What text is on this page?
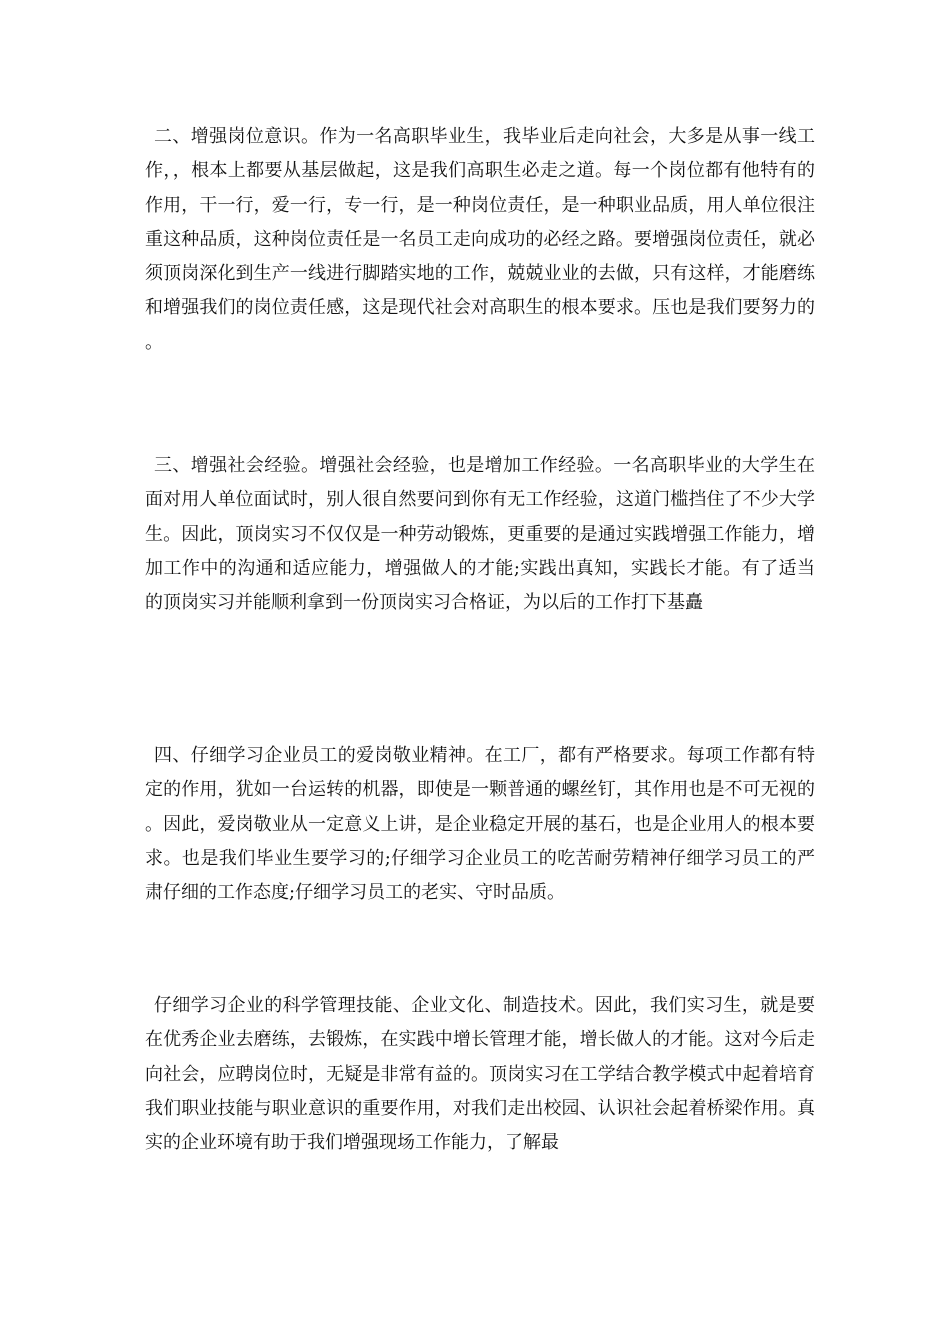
二、增强岗位意识。作为一名高职毕业生，我毕业后走向社会，大多是从事一线工作，，根本上都要从基层做起，这是我们高职生必走之道。每一个岗位都有他特有的作用，干一行，爱一行，专一行，是一种岗位责任，是一种职业品质，用人单位很注重这种品质，这种岗位责任是一名员工走向成功的必经之路。要增强岗位责任，就必须顶岗深化到生产一线进行脚踏实地的工作，兢兢业业的去做，只有这样，才能磨练和增强我们的岗位责任感，这是现代社会对高职生的根本要求。压也是我们要努力的。

三、增强社会经验。增强社会经验，也是增加工作经验。一名高职毕业的大学生在面对用人单位面试时，别人很自然要问到你有无工作经验，这道门槛挡住了不少大学生。因此，顶岗实习不仅仅是一种劳动锻炼，更重要的是通过实践增强工作能力，增加工作中的沟通和适应能力，增强做人的才能;实践出真知，实践长才能。有了适当的顶岗实习并能顺利拿到一份顶岗实习合格证，为以后的工作打下基矗

四、仔细学习企业员工的爱岗敬业精神。在工厂，都有严格要求。每项工作都有特定的作用，犹如一台运转的机器，即使是一颗普通的螺丝钉，其作用也是不可无视的。因此，爱岗敬业从一定意义上讲，是企业稳定开展的基石，也是企业用人的根本要求。也是我们毕业生要学习的;仔细学习企业员工的吃苦耐劳精神仔细学习员工的严肃仔细的工作态度;仔细学习员工的老实、守时品质。

仔细学习企业的科学管理技能、企业文化、制造技术。因此，我们实习生，就是要在优秀企业去磨练，去锻炼，在实践中增长管理才能，增长做人的才能。这对今后走向社会，应聘岗位时，无疑是非常有益的。顶岗实习在工学结合教学模式中起着培育我们职业技能与职业意识的重要作用，对我们走出校园、认识社会起着桥梁作用。真实的企业环境有助于我们增强现场工作能力，了解最
